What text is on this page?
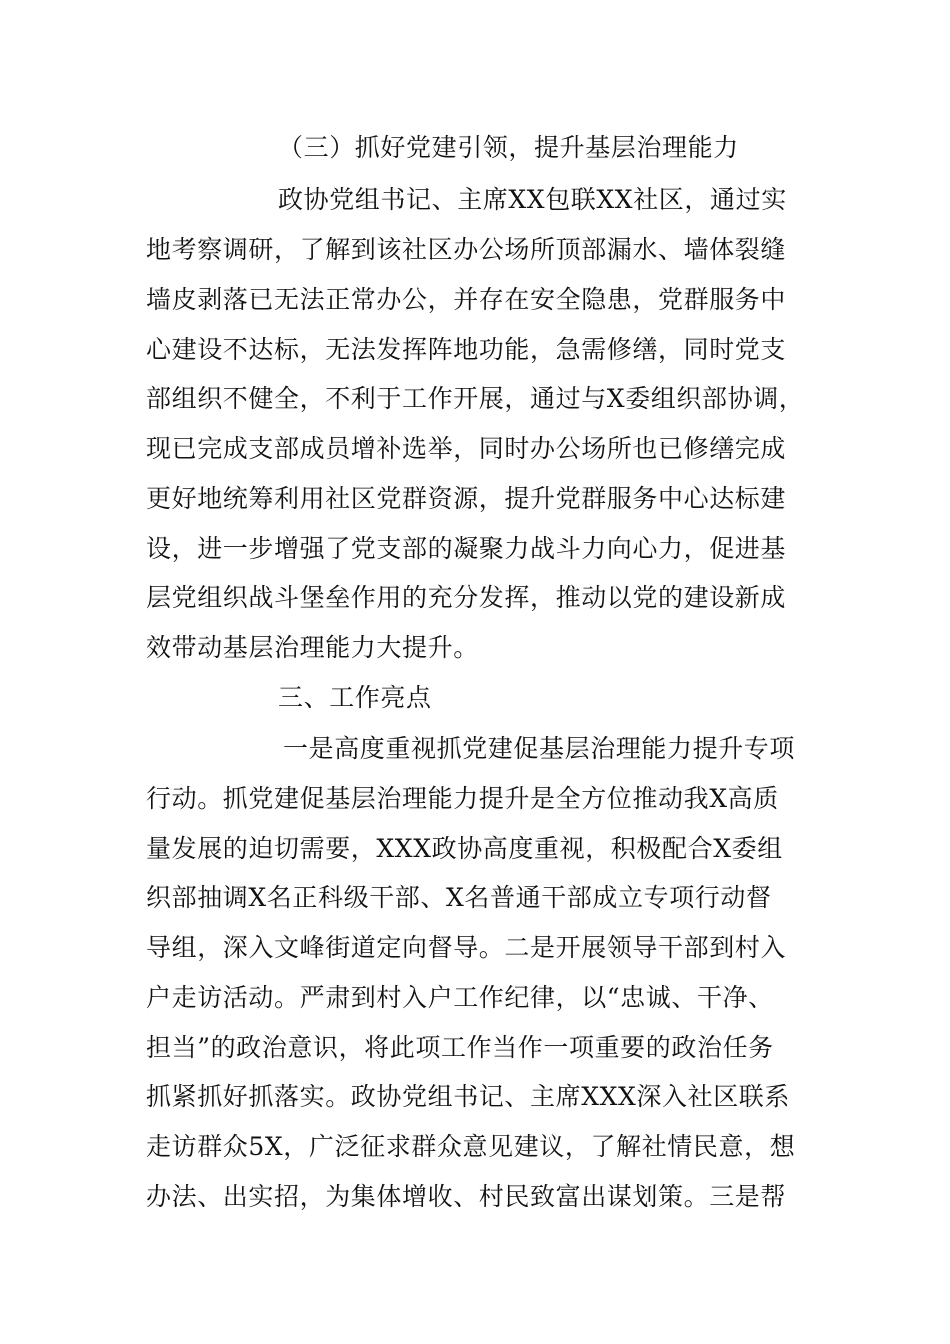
（三）抓好党建引领，提升基层治理能力
政协党组书记、主席XX包联XX社区，通过实
地考察调研，了解到该社区办公场所顶部漏水、墙体裂缝
墙皮剥落已无法正常办公，并存在安全隐患，党群服务中
心建设不达标，无法发挥阵地功能，急需修缮，同时党支
部组织不健全，不利于工作开展，通过与X委组织部协调，
现已完成支部成员增补选举，同时办公场所也已修缮完成
更好地统筹利用社区党群资源，提升党群服务中心达标建
设，进一步增强了党支部的凝聚力战斗力向心力，促进基
层党组织战斗堡垒作用的充分发挥，推动以党的建设新成
效带动基层治理能力大提升。
三、工作亮点
一是高度重视抓党建促基层治理能力提升专项
行动。抓党建促基层治理能力提升是全方位推动我X高质
量发展的迫切需要，XXX政协高度重视，积极配合X委组
织部抽调X名正科级干部、X名普通干部成立专项行动督
导组，深入文峰街道定向督导。二是开展领导干部到村入
户走访活动。严肃到村入户工作纪律，以“忠诚、干净、
担当”的政治意识，将此项工作当作一项重要的政治任务
抓紧抓好抓落实。政协党组书记、主席XXX深入社区联系
走访群众5X，广泛征求群众意见建议，了解社情民意，想
办法、出实招，为集体增收、村民致富出谋划策。三是帮
